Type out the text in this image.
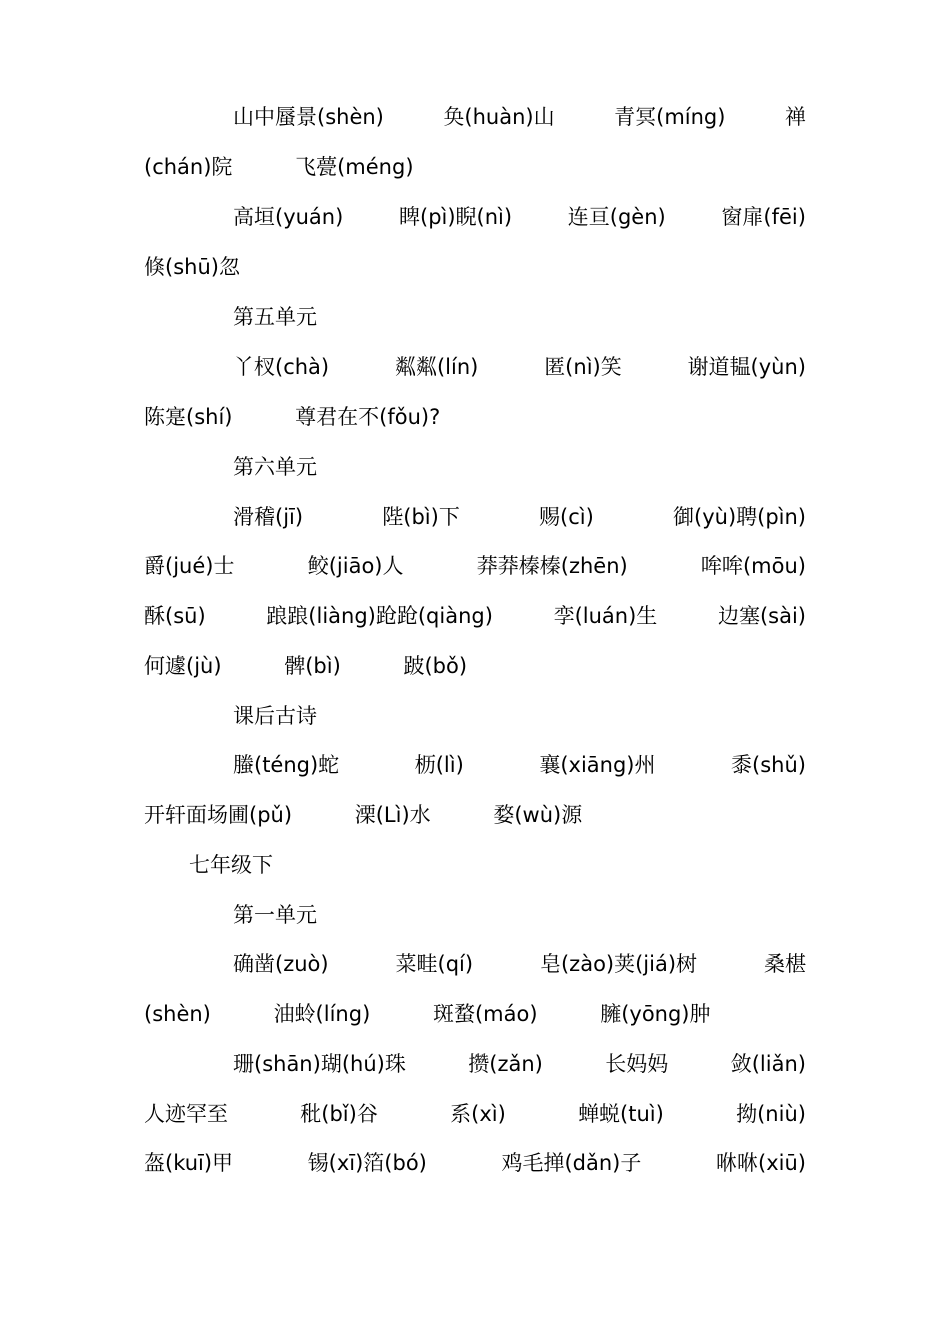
山中蜃景(shèn)	奂(huàn)山	青冥(míng)	禅
(chán)院	飞甍(méng)
高垣(yuán)	睥(pì)睨(nì)	连亘(gèn)	窗扉(fēi)
倏(shū)忽
第五单元
丫杈(chà)	粼粼(lín)	匿(nì)笑	谢道韫(yùn)
陈寔(shí)	尊君在不(fǒu)?
第六单元
滑稽(jī)	陛(bì)下	赐(cì)	御(yù)聘(pìn)
爵(jué)士	鲛(jiāo)人	莽莽榛榛(zhēn)	哞哞(mōu)
酥(sū)	踉踉(liàng)跄跄(qiàng)	孪(luán)生	边塞(sài)
何遽(jù)	髀(bì)	跛(bǒ)
课后古诗
螣(téng)蛇	枥(lì)	襄(xiāng)州	黍(shǔ)
开轩面场圃(pǔ)	溧(Lì)水	婺(wù)源
七年级下
第一单元
确凿(zuò)	菜畦(qí)	皂(zào)荚(jiá)树	桑椹
(shèn)	油蛉(líng)	斑蝥(máo)	臃(yōng)肿
珊(shān)瑚(hú)珠	攒(zǎn)	长妈妈	敛(liǎn)
人迹罕至	秕(bǐ)谷	系(xì)	蝉蜕(tuì)	拗(niù)
盔(kuī)甲	锡(xī)箔(bó)	鸡毛掸(dǎn)子	咻咻(xiū)
